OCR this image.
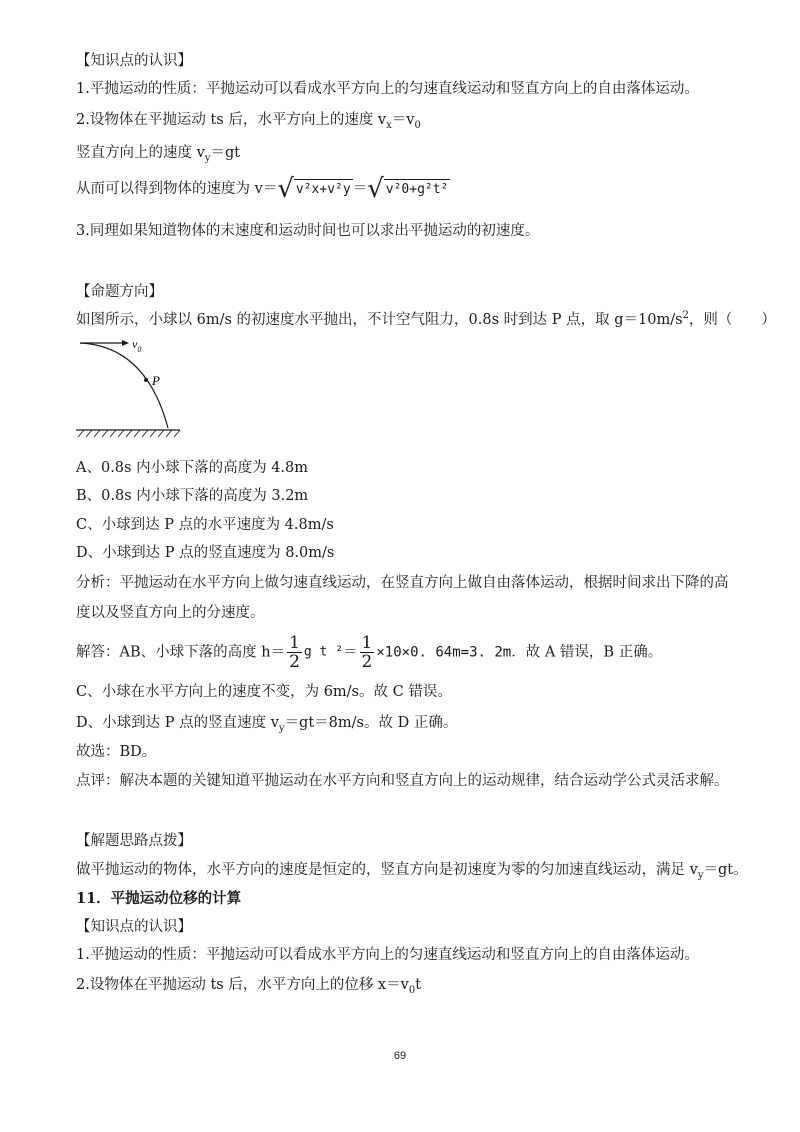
【知识点的认识】
1.平抛运动的性质：平抛运动可以看成水平方向上的匀速直线运动和竖直方向上的自由落体运动。
2.设物体在平抛运动 ts 后，水平方向上的速度 $v_x=v_0$
竖直方向上的速度 $v_y=gt$
从而可以得到物体的速度为 v＝√ v²x+v²y ＝√ v²0+g²t²
3.同理如果知道物体的末速度和运动时间也可以求出平抛运动的初速度。
【命题方向】
如图所示，小球以 6m/s 的初速度水平抛出，不计空气阻力，0.8s 时到达 P 点，取 $g=10m/s^2$，则（　　）
$v_0$
P
A、0.8s 内小球下落的高度为 4.8m
B、0.8s 内小球下落的高度为 3.2m
C、小球到达 P 点的水平速度为 4.8m/s
D、小球到达 P 点的竖直速度为 8.0m/s
分析：平抛运动在水平方向上做匀速直线运动，在竖直方向上做自由落体运动，根据时间求出下降的高
度以及竖直方向上的分速度。
解答：AB、小球下落的高度 $h= \frac{1}{2}$ g t $^2= \frac{1}{2} \times 10\times 0$. 64m=3. 2m．故 A 错误，B 正确。
C、小球在水平方向上的速度不变，为 6m/s。故 C 错误。
D、小球到达 P 点的竖直速度 $v_y=gt=8m/s$。故 D 正确。
故选：BD。
点评：解决本题的关键知道平抛运动在水平方向和竖直方向上的运动规律，结合运动学公式灵活求解。
【解题思路点拨】
做平抛运动的物体，水平方向的速度是恒定的，竖直方向是初速度为零的匀加速直线运动，满足 $v_y=gt$。
11．平抛运动位移的计算
【知识点的认识】
1.平抛运动的性质：平抛运动可以看成水平方向上的匀速直线运动和竖直方向上的自由落体运动。
2.设物体在平抛运动 ts 后，水平方向上的位移 $x=v_0t$
69
